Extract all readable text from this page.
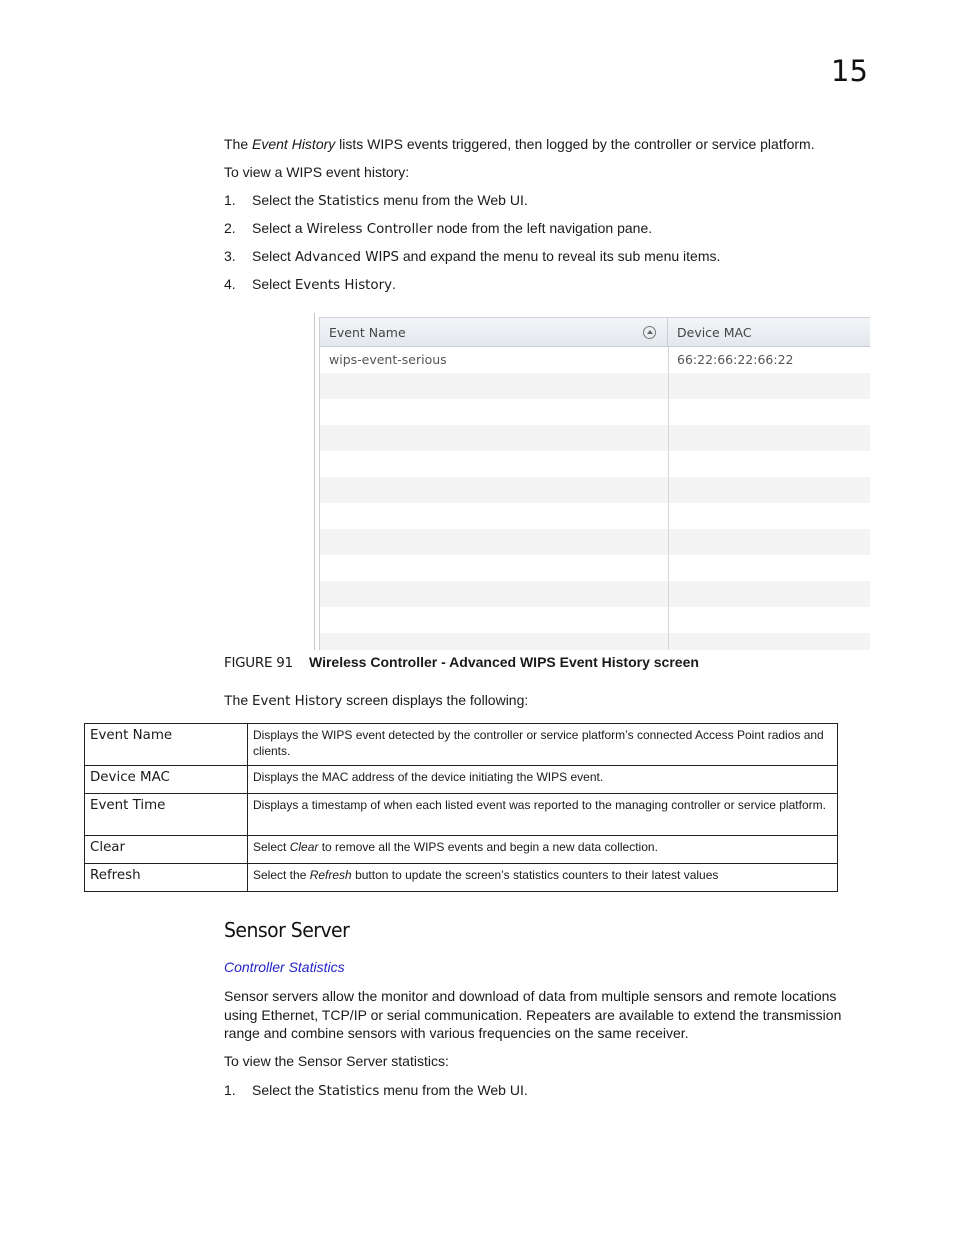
15
The Event History lists WIPS events triggered, then logged by the controller or service platform.
To view a WIPS event history:
1. Select the Statistics menu from the Web UI.
2. Select a Wireless Controller node from the left navigation pane.
3. Select Advanced WIPS and expand the menu to reveal its sub menu items.
4. Select Events History.
Event Name	Device MAC
wips-event-serious	66:22:66:22:66:22
FIGURE 91 Wireless Controller - Advanced WIPS Event History screen
The Event History screen displays the following:
Event Name	Displays the WIPS event detected by the controller or service platform’s connected Access Point radios and clients.
Device MAC	Displays the MAC address of the device initiating the WIPS event.
Event Time	Displays a timestamp of when each listed event was reported to the managing controller or service platform.
Clear	Select Clear to remove all the WIPS events and begin a new data collection.
Refresh	Select the Refresh button to update the screen’s statistics counters to their latest values
Sensor Server
Controller Statistics
Sensor servers allow the monitor and download of data from multiple sensors and remote locations using Ethernet, TCP/IP or serial communication. Repeaters are available to extend the transmission range and combine sensors with various frequencies on the same receiver.
To view the Sensor Server statistics:
1. Select the Statistics menu from the Web UI.
